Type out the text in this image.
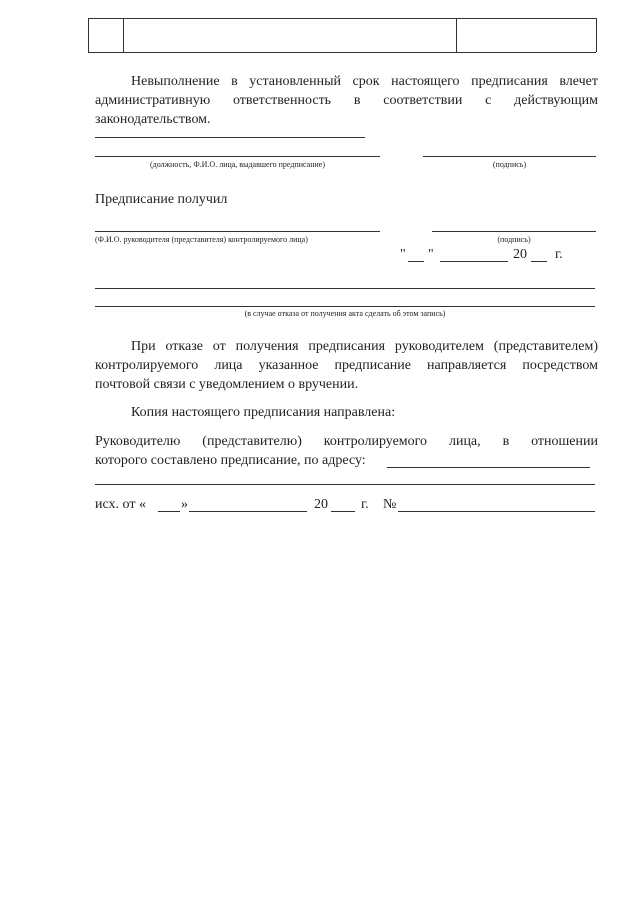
Невыполнение в установленный срок настоящего предписания влечет
административную ответственность в соответствии с действующим
законодательством.
(должность, Ф.И.О. лица, выдавшего предписание)	(подпись)
Предписание получил
(Ф.И.О. руководителя (представителя) контролируемого лица)	(подпись)
" "	20 г.
(в случае отказа от получения акта сделать об этом запись)
При отказе от получения предписания руководителем (представителем)
контролируемого лица указанное предписание направляется посредством
почтовой связи с уведомлением о вручении.
Копия настоящего предписания направлена:
Руководителю (представителю) контролируемого лица, в отношении
которого составлено предписание, по адресу:
исх. от «	»	20 г. №
